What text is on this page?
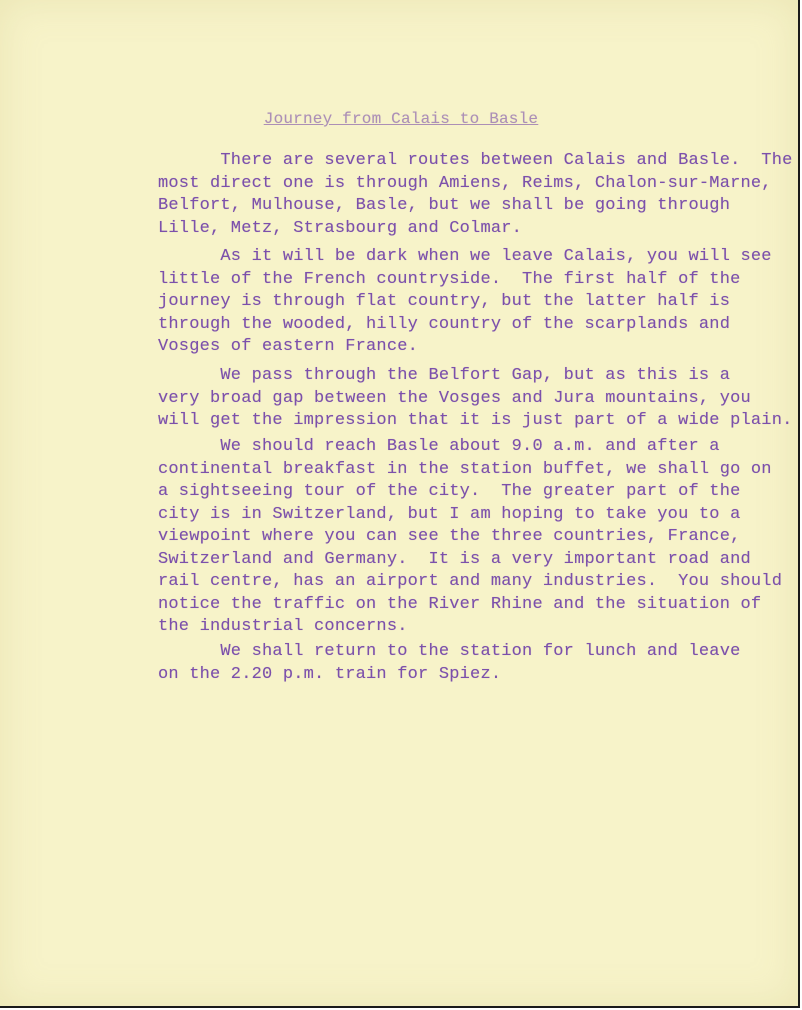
Journey from Calais to Basle

There are several routes between Calais and Basle.  The
most direct one is through Amiens, Reims, Chalon-sur-Marne,
Belfort, Mulhouse, Basle, but we shall be going through
Lille, Metz, Strasbourg and Colmar.

As it will be dark when we leave Calais, you will see
little of the French countryside.  The first half of the
journey is through flat country, but the latter half is
through the wooded, hilly country of the scarplands and
Vosges of eastern France.

We pass through the Belfort Gap, but as this is a
very broad gap between the Vosges and Jura mountains, you
will get the impression that it is just part of a wide plain.

We should reach Basle about 9.0 a.m. and after a
continental breakfast in the station buffet, we shall go on
a sightseeing tour of the city.  The greater part of the
city is in Switzerland, but I am hoping to take you to a
viewpoint where you can see the three countries, France,
Switzerland and Germany.  It is a very important road and
rail centre, has an airport and many industries.  You should
notice the traffic on the River Rhine and the situation of
the industrial concerns.

We shall return to the station for lunch and leave
on the 2.20 p.m. train for Spiez.
